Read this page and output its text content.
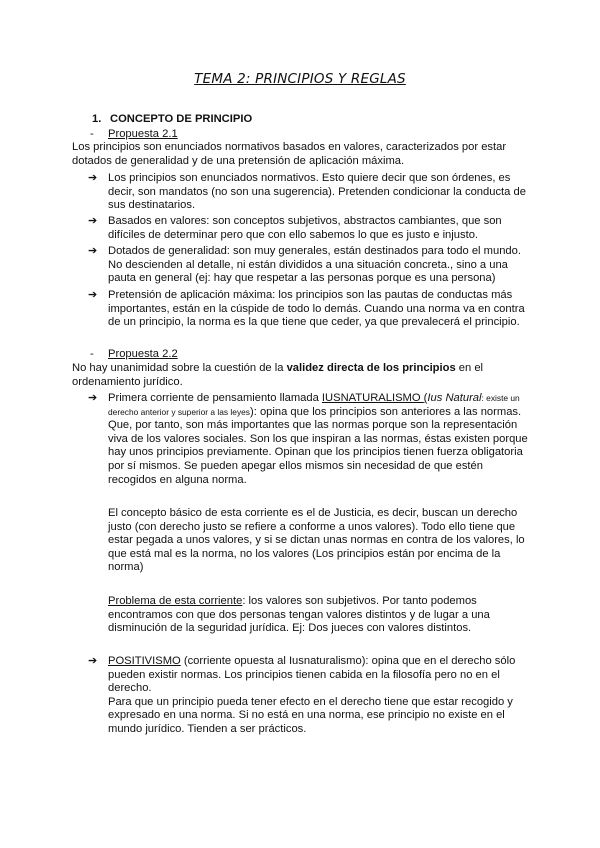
TEMA 2: PRINCIPIOS Y REGLAS
1. CONCEPTO DE PRINCIPIO
- Propuesta 2.1

Los principios son enunciados normativos basados en valores, caracterizados por estar dotados de generalidad y de una pretensión de aplicación máxima.

➔ Los principios son enunciados normativos. Esto quiere decir que son órdenes, es decir, son mandatos (no son una sugerencia). Pretenden condicionar la conducta de sus destinatarios.

➔ Basados en valores: son conceptos subjetivos, abstractos cambiantes, que son difíciles de determinar pero que con ello sabemos lo que es justo e injusto.

➔ Dotados de generalidad: son muy generales, están destinados para todo el mundo. No descienden al detalle, ni están divididos a una situación concreta., sino a una pauta en general (ej: hay que respetar a las personas porque es una persona)

➔ Pretensión de aplicación máxima: los principios son las pautas de conductas más importantes, están en la cúspide de todo lo demás. Cuando una norma va en contra de un principio, la norma es la que tiene que ceder, ya que prevalecerá el principio.

- Propuesta 2.2

No hay unanimidad sobre la cuestión de la validez directa de los principios en el ordenamiento jurídico.

➔ Primera corriente de pensamiento llamada IUSNATURALISMO (Ius Natural: existe un derecho anterior y superior a las leyes): opina que los principios son anteriores a las normas. Que, por tanto, son más importantes que las normas porque son la representación viva de los valores sociales. Son los que inspiran a las normas, éstas existen porque hay unos principios previamente. Opinan que los principios tienen fuerza obligatoria por sí mismos. Se pueden apegar ellos mismos sin necesidad de que estén recogidos en alguna norma.

El concepto básico de esta corriente es el de Justicia, es decir, buscan un derecho justo (con derecho justo se refiere a conforme a unos valores). Todo ello tiene que estar pegada a unos valores, y si se dictan unas normas en contra de los valores, lo que está mal es la norma, no los valores (Los principios están por encima de la norma)

Problema de esta corriente: los valores son subjetivos. Por tanto podemos encontramos con que dos personas tengan valores distintos y de lugar a una disminución de la seguridad jurídica. Ej: Dos jueces con valores distintos.

➔ POSITIVISMO (corriente opuesta al Iusnaturalismo): opina que en el derecho sólo pueden existir normas. Los principios tienen cabida en la filosofía pero no en el derecho.

Para que un principio pueda tener efecto en el derecho tiene que estar recogido y expresado en una norma. Si no está en una norma, ese principio no existe en el mundo jurídico. Tienden a ser prácticos.
